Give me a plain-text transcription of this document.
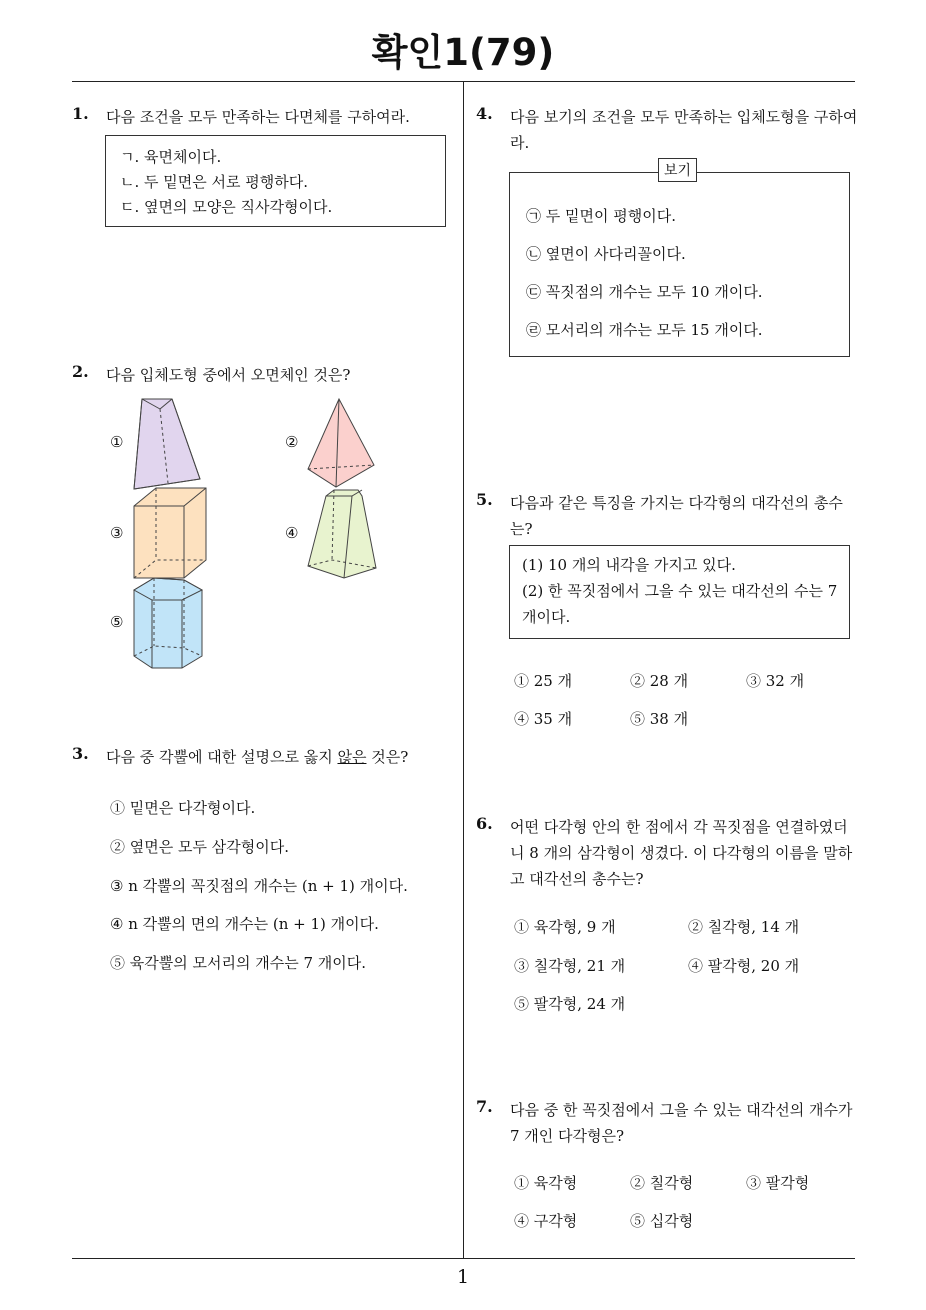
확인1(79)
1
1. 다음 조건을 모두 만족하는 다면체를 구하여라.
ㄱ. 육면체이다.
ㄴ. 두 밑면은 서로 평행하다.
ㄷ. 옆면의 모양은 직사각형이다.
2. 다음 입체도형 중에서 오면체인 것은?
①	②
③	④
⑤
3. 다음 중 각뿔에 대한 설명으로 옳지 않은 것은?
① 밑면은 다각형이다.
② 옆면은 모두 삼각형이다.
③ n 각뿔의 꼭짓점의 개수는 (n + 1) 개이다.
④ n 각뿔의 면의 개수는 (n + 1) 개이다.
⑤ 육각뿔의 모서리의 개수는 7 개이다.
4. 다음 보기의 조건을 모두 만족하는 입체도형을 구하여라.
㉠ 두 밑면이 평행이다.
㉡ 옆면이 사다리꼴이다.
㉢ 꼭짓점의 개수는 모두 10 개이다.
㉣ 모서리의 개수는 모두 15 개이다.
보기
5. 다음과 같은 특징을 가지는 다각형의 대각선의 총수는?
(1) 10 개의 내각을 가지고 있다.
(2) 한 꼭짓점에서 그을 수 있는 대각선의 수는 7
개이다.
① 25 개	② 28 개	③ 32 개
④ 35 개	⑤ 38 개
6. 어떤 다각형 안의 한 점에서 각 꼭짓점을 연결하였더니 8 개의 삼각형이 생겼다. 이 다각형의 이름을 말하고 대각선의 총수는?
① 육각형, 9 개	② 칠각형, 14 개
③ 칠각형, 21 개	④ 팔각형, 20 개
⑤ 팔각형, 24 개
7. 다음 중 한 꼭짓점에서 그을 수 있는 대각선의 개수가 7 개인 다각형은?
① 육각형	② 칠각형	③ 팔각형
④ 구각형	⑤ 십각형
